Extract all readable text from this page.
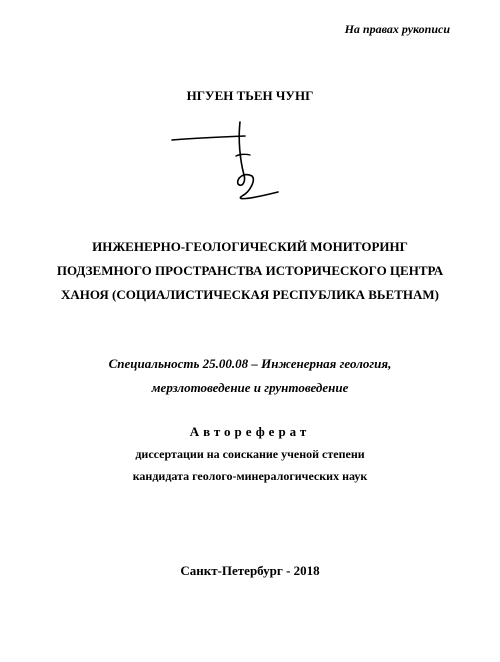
На правах рукописи
НГУЕН ТЬЕН ЧУНГ
ИНЖЕНЕРНО-ГЕОЛОГИЧЕСКИЙ МОНИТОРИНГ
ПОДЗЕМНОГО ПРОСТРАНСТВА ИСТОРИЧЕСКОГО ЦЕНТРА
ХАНОЯ (СОЦИАЛИСТИЧЕСКАЯ РЕСПУБЛИКА ВЬЕТНАМ)
Специальность 25.00.08 – Инженерная геология,
мерзлотоведение и грунтоведение
Автореферат
диссертации на соискание ученой степени
кандидата геолого-минералогических наук
Санкт-Петербург - 2018
